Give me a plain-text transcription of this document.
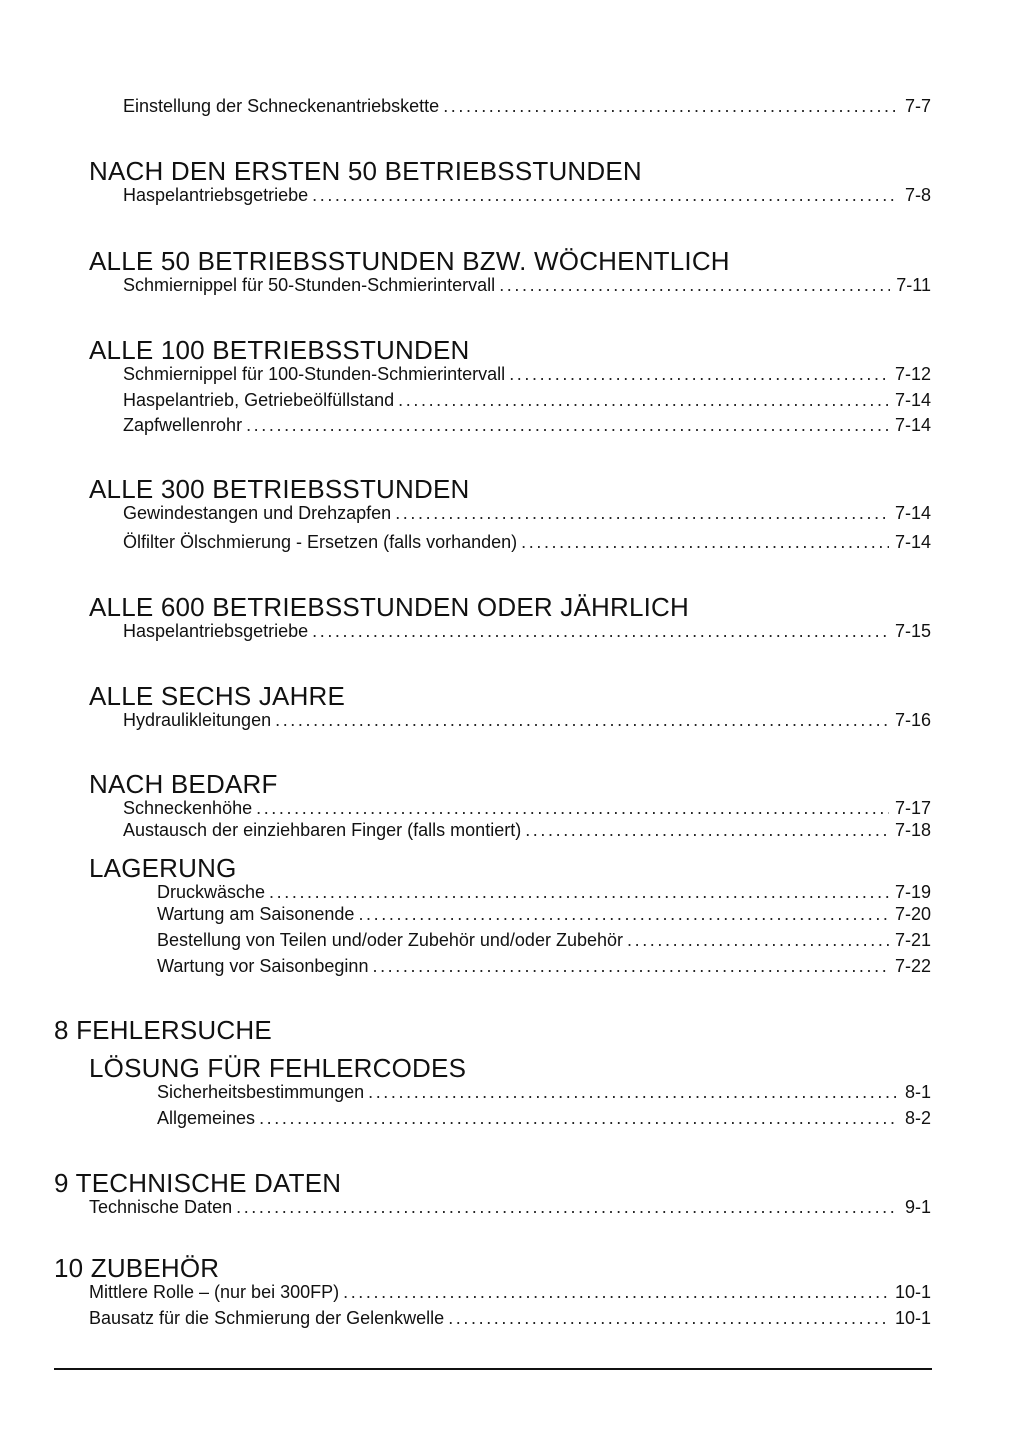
Einstellung der Schneckenantriebskette .....	7-7
NACH DEN ERSTEN 50 BETRIEBSSTUNDEN
Haspelantriebsgetriebe .....	7-8
ALLE 50 BETRIEBSSTUNDEN BZW. WÖCHENTLICH
Schmiernippel für 50-Stunden-Schmierintervall .....	7-11
ALLE 100 BETRIEBSSTUNDEN
Schmiernippel für 100-Stunden-Schmierintervall .....	7-12
Haspelantrieb, Getriebeölfüllstand .....	7-14
Zapfwellenrohr .....	7-14
ALLE 300 BETRIEBSSTUNDEN
Gewindestangen und Drehzapfen .....	7-14
Ölfilter Ölschmierung - Ersetzen (falls vorhanden) .....	7-14
ALLE 600 BETRIEBSSTUNDEN ODER JÄHRLICH
Haspelantriebsgetriebe .....	7-15
ALLE SECHS JAHRE
Hydraulikleitungen .....	7-16
NACH BEDARF
Schneckenhöhe .....	7-17
Austausch der einziehbaren Finger (falls montiert) .....	7-18
LAGERUNG
Druckwäsche .....	7-19
Wartung am Saisonende .....	7-20
Bestellung von Teilen und/oder Zubehör und/oder Zubehör .....	7-21
Wartung vor Saisonbeginn .....	7-22
8 FEHLERSUCHE
LÖSUNG FÜR FEHLERCODES
Sicherheitsbestimmungen .....	8-1
Allgemeines .....	8-2
9 TECHNISCHE DATEN
Technische Daten .....	9-1
10 ZUBEHÖR
Mittlere Rolle – (nur bei 300FP) .....	10-1
Bausatz für die Schmierung der Gelenkwelle .....	10-1
